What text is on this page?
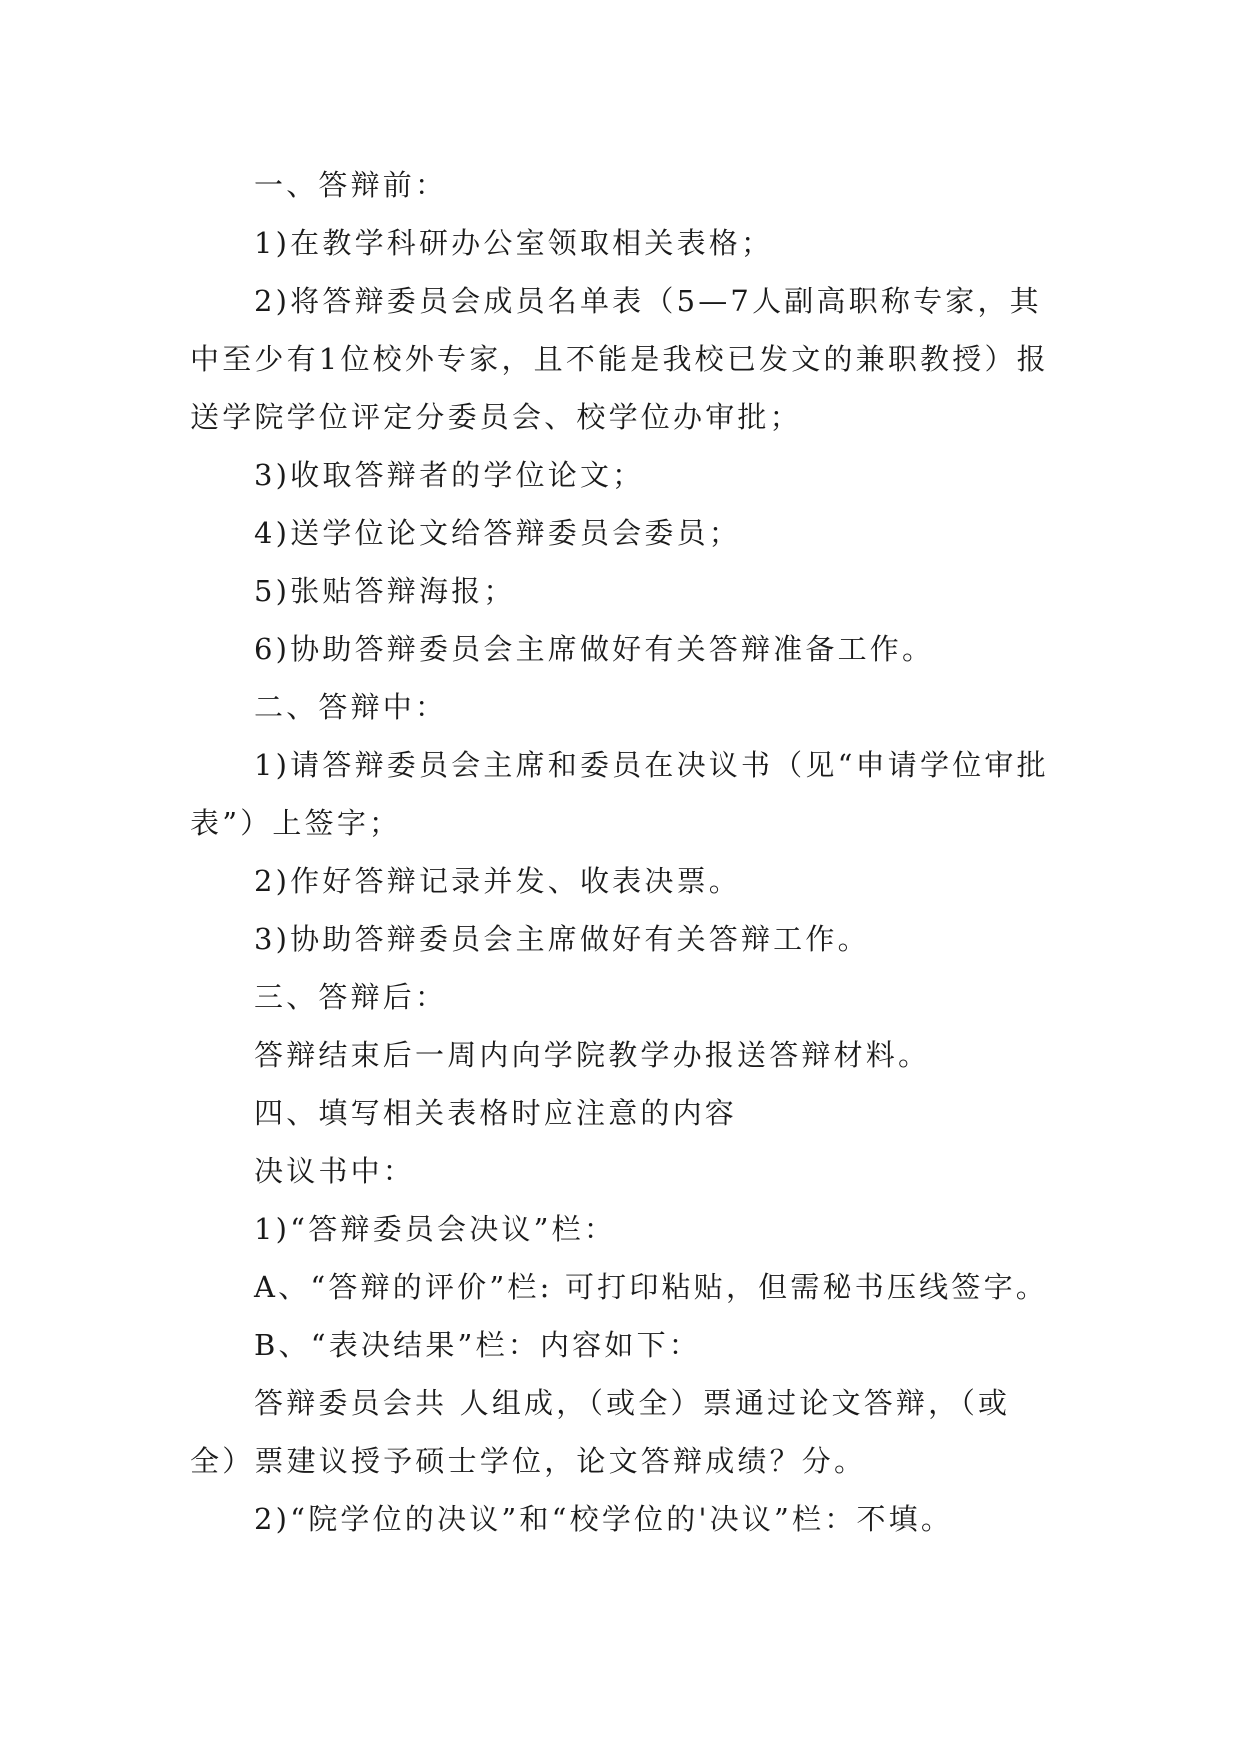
一、答辩前：

1)在教学科研办公室领取相关表格；

2)将答辩委员会成员名单表（5—7人副高职称专家，其中至少有1位校外专家，且不能是我校已发文的兼职教授）报送学院学位评定分委员会、校学位办审批；

3)收取答辩者的学位论文；

4)送学位论文给答辩委员会委员；

5)张贴答辩海报；

6)协助答辩委员会主席做好有关答辩准备工作。

二、答辩中：

1)请答辩委员会主席和委员在决议书（见“申请学位审批表”）上签字；

2)作好答辩记录并发、收表决票。

3)协助答辩委员会主席做好有关答辩工作。

三、答辩后：

答辩结束后一周内向学院教学办报送答辩材料。

四、填写相关表格时应注意的内容

决议书中：

1)“答辩委员会决议”栏：

A、“答辩的评价”栏: 可打印粘贴，但需秘书压线签字。

B、“表决结果”栏：内容如下：

答辩委员会共 人组成，（或全）票通过论文答辩，（或全）票建议授予硕士学位，论文答辩成绩？分。

2)“院学位的决议”和“校学位的'决议”栏：不填。
